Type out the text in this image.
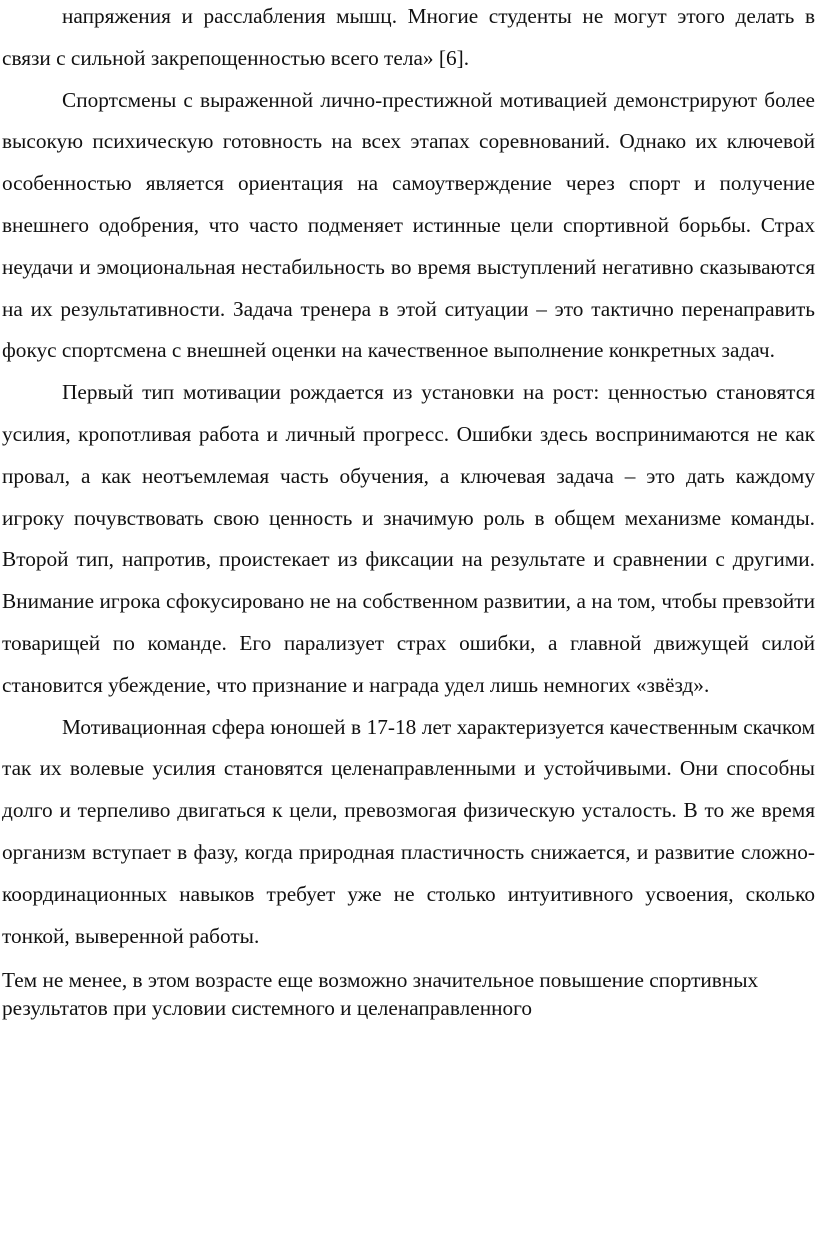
напряжения и расслабления мышц. Многие студенты не могут этого делать в связи с сильной закрепощенностью всего тела» [6].

Спортсмены с выраженной лично-престижной мотивацией демонстрируют более высокую психическую готовность на всех этапах соревнований. Однако их ключевой особенностью является ориентация на самоутверждение через спорт и получение внешнего одобрения, что часто подменяет истинные цели спортивной борьбы. Страх неудачи и эмоциональная нестабильность во время выступлений негативно сказываются на их результативности. Задача тренера в этой ситуации – это тактично перенаправить фокус спортсмена с внешней оценки на качественное выполнение конкретных задач.

Первый тип мотивации рождается из установки на рост: ценностью становятся усилия, кропотливая работа и личный прогресс. Ошибки здесь воспринимаются не как провал, а как неотъемлемая часть обучения, а ключевая задача – это дать каждому игроку почувствовать свою ценность и значимую роль в общем механизме команды. Второй тип, напротив, проистекает из фиксации на результате и сравнении с другими. Внимание игрока сфокусировано не на собственном развитии, а на том, чтобы превзойти товарищей по команде. Его парализует страх ошибки, а главной движущей силой становится убеждение, что признание и награда удел лишь немногих «звёзд».

Мотивационная сфера юношей в 17-18 лет характеризуется качественным скачком так их волевые усилия становятся целенаправленными и устойчивыми. Они способны долго и терпеливо двигаться к цели, превозмогая физическую усталость. В то же время организм вступает в фазу, когда природная пластичность снижается, и развитие сложно-координационных навыков требует уже не столько интуитивного усвоения, сколько тонкой, выверенной работы.

Тем не менее, в этом возрасте еще возможно значительное повышение спортивных результатов при условии системного и целенаправленного
